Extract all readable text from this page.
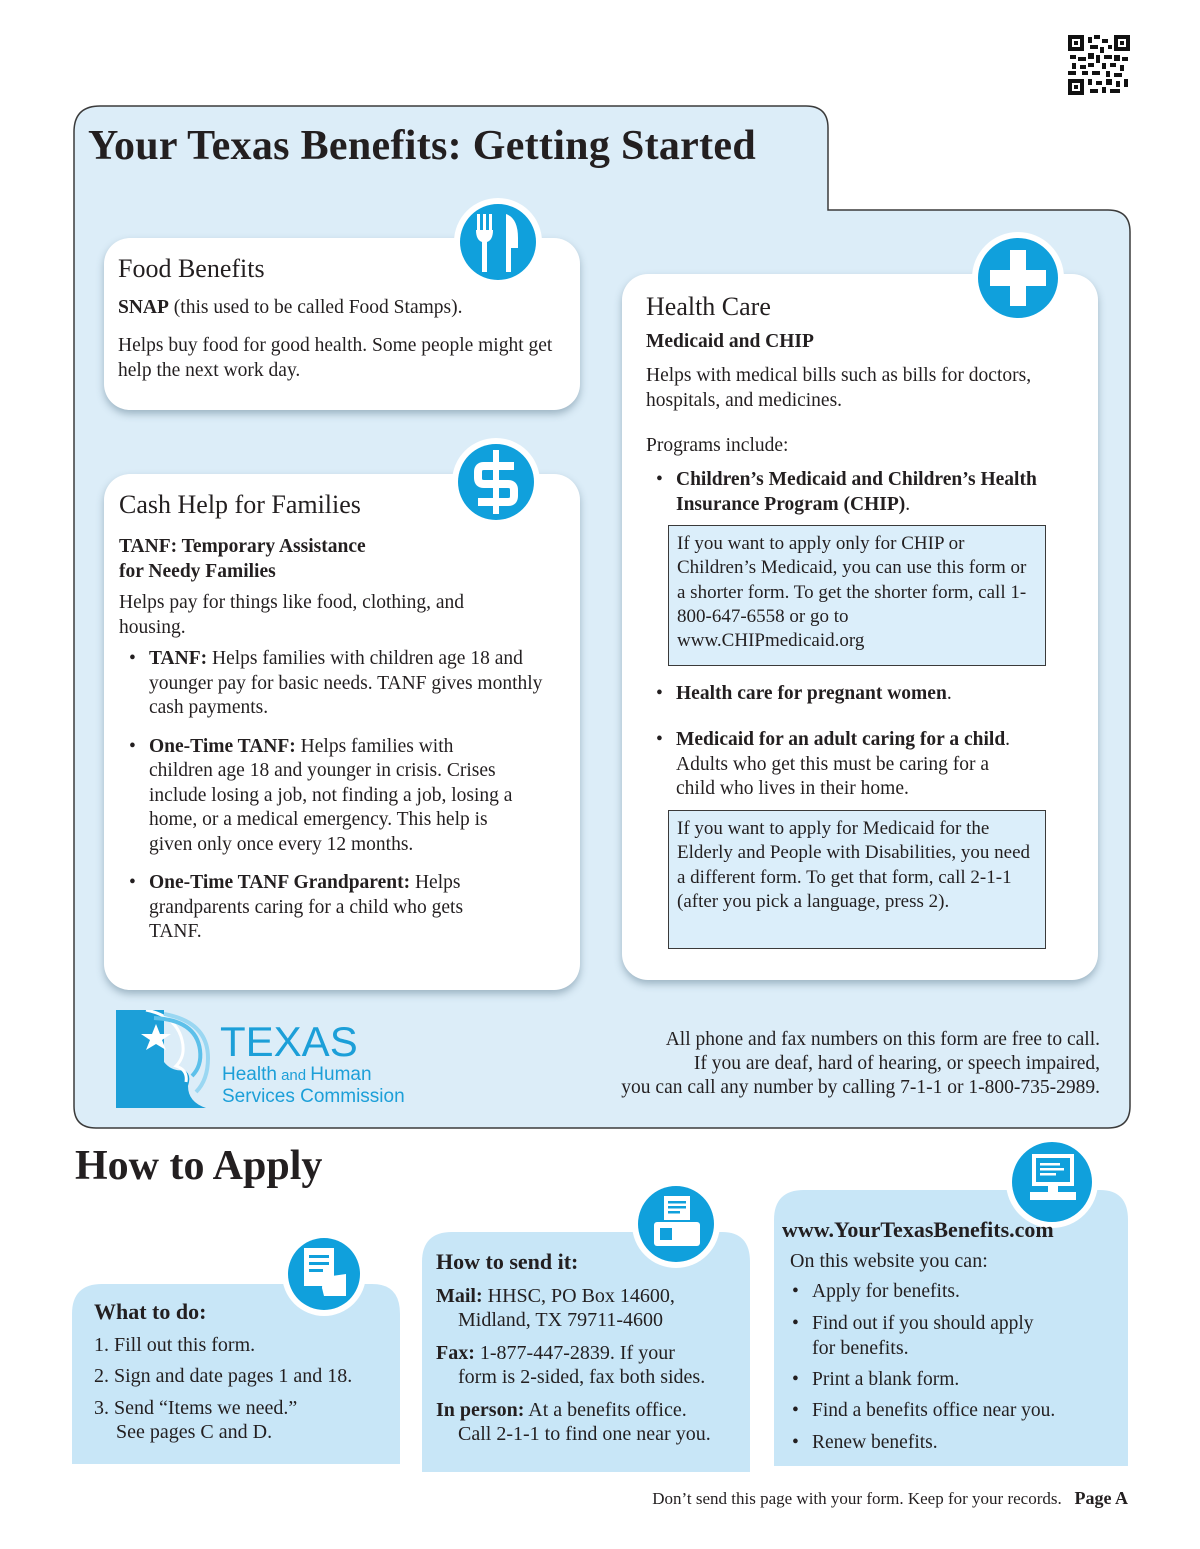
Your Texas Benefits: Getting Started
Food Benefits

SNAP (this used to be called Food Stamps).

Helps buy food for good health. Some people might get help the next work day.

Cash Help for Families

TANF: Temporary Assistance
for Needy Families

Helps pay for things like food, clothing, and housing.

• TANF: Helps families with children age 18 and younger pay for basic needs. TANF gives monthly cash payments.
• One-Time TANF: Helps families with children age 18 and younger in crisis. Crises include losing a job, not finding a job, losing a home, or a medical emergency. This help is given only once every 12 months.
• One-Time TANF Grandparent: Helps grandparents caring for a child who gets TANF.
Health Care

Medicaid and CHIP

Helps with medical bills such as bills for doctors, hospitals, and medicines.

Programs include:

• Children’s Medicaid and Children’s Health Insurance Program (CHIP).
• Health care for pregnant women.
• Medicaid for an adult caring for a child.
Adults who get this must be caring for a child who lives in their home.
If you want to apply only for CHIP or Children’s Medicaid, you can use this form or a shorter form. To get the shorter form, call 1-800-647-6558 or go to www.CHIPmedicaid.org
If you want to apply for Medicaid for the Elderly and People with Disabilities, you need a different form. To get that form, call 2-1-1 (after you pick a language, press 2).
TEXAS
Health and Human
Services Commission
All phone and fax numbers on this form are free to call.
If you are deaf, hard of hearing, or speech impaired,
you can call any number by calling 7-1-1 or 1-800-735-2989.
How to Apply
What to do:
1. Fill out this form.
2. Sign and date pages 1 and 18.
3. Send “Items we need.”
See pages C and D.
How to send it:
Mail: HHSC, PO Box 14600,
Midland, TX 79711-4600
Fax: 1-877-447-2839. If your
form is 2-sided, fax both sides.
In person: At a benefits office.
Call 2-1-1 to find one near you.
www.YourTexasBenefits.com
On this website you can:
• Apply for benefits.
• Find out if you should apply
for benefits.
• Print a blank form.
• Find a benefits office near you.
• Renew benefits.
Don’t send this page with your form. Keep for your records. Page A
